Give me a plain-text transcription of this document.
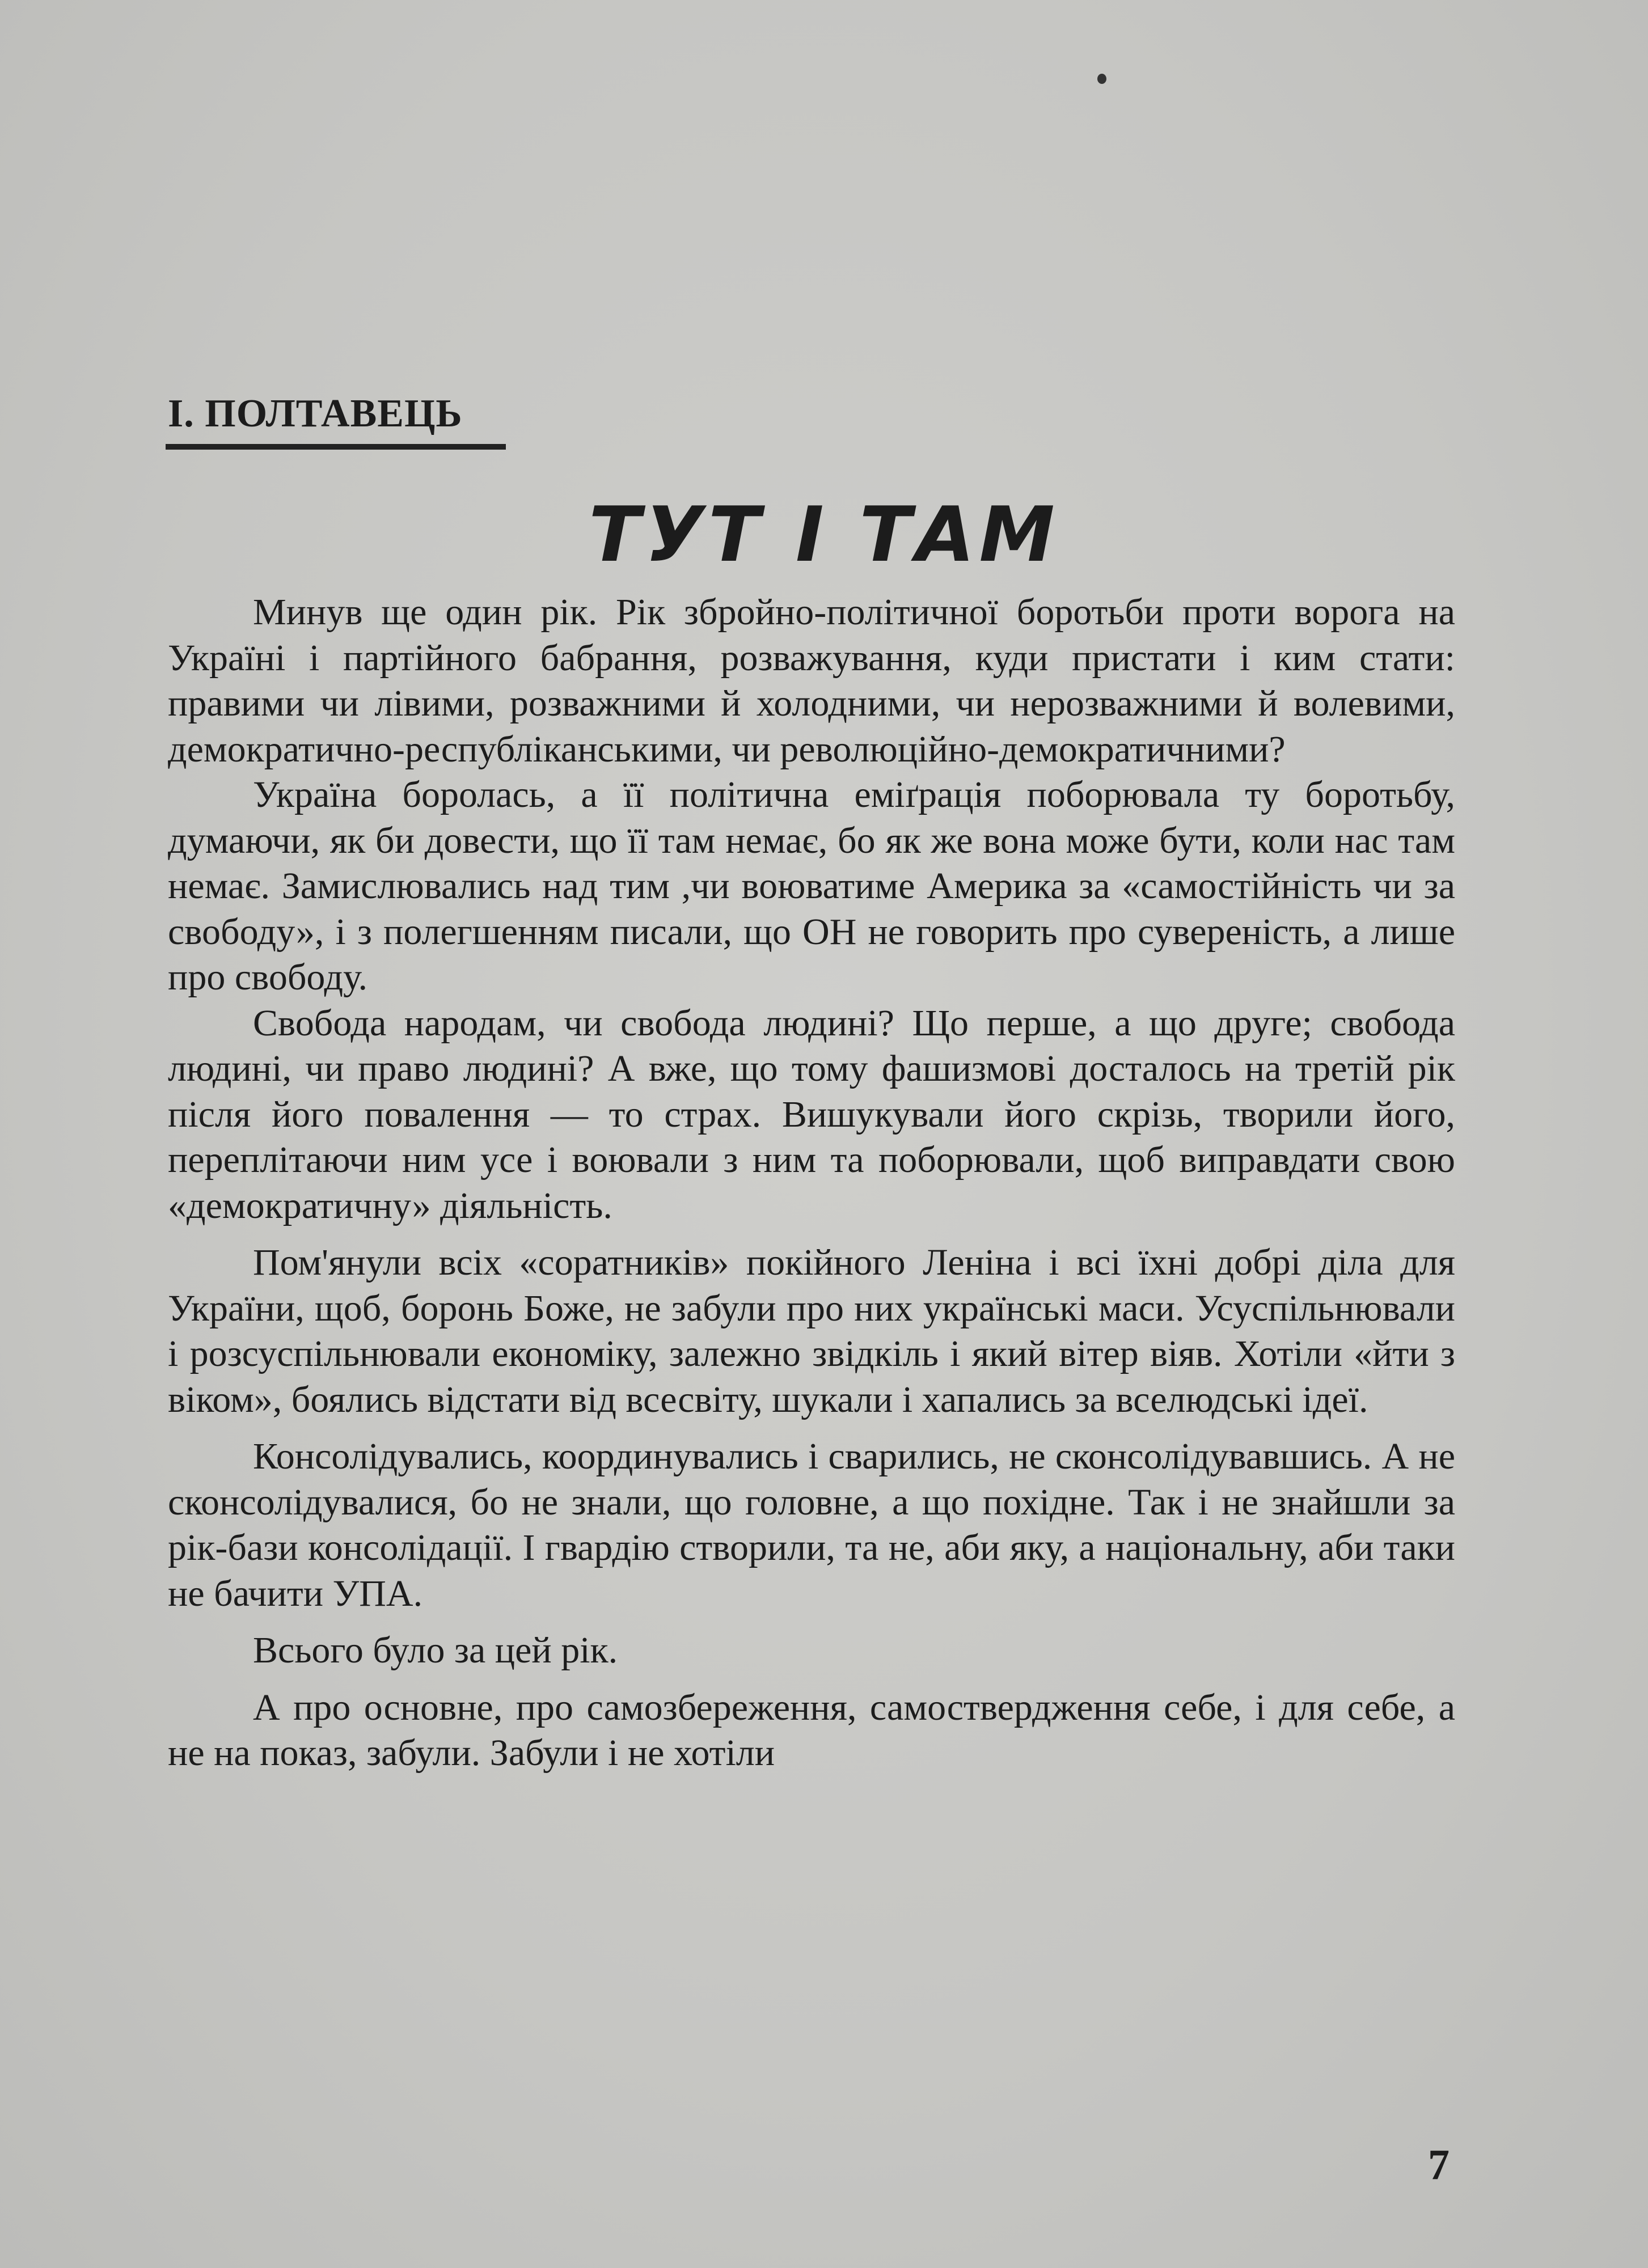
І. ПОЛТАВЕЦЬ
ТУТ І ТАМ

Минув ще один рік. Рік збройно-політичної боротьби проти ворога на Україні і партійного бабрання, розважування, куди пристати і ким стати: правими чи лівими, розважними й холодними, чи нерозважними й волевими, демократично-республіканськими, чи революційно-демократичними?

Україна боролась, а її політична еміґрація поборювала ту боротьбу, думаючи, як би довести, що її там немає, бо як же вона може бути, коли нас там немає. Замислювались над тим ,чи воюватиме Америка за «самостійність чи за свободу», і з полегшенням писали, що ОН не говорить про сувереність, а лише про свободу.

Свобода народам, чи свобода людині? Що перше, а що друге; свобода людині, чи право людині? А вже, що тому фашизмові досталось на третій рік після його повалення — то страх. Вишукували його скрізь, творили його, переплітаючи ним усе і воювали з ним та поборювали, щоб виправдати свою «демократичну» діяльність.

Пом'янули всіх «соратників» покійного Леніна і всі їхні добрі діла для України, щоб, боронь Боже, не забули про них українські маси. Усуспільнювали і розсуспільнювали економіку, залежно звідкіль і який вітер віяв. Хотіли «йти з віком», боялись відстати від всесвіту, шукали і хапались за вселюдські ідеї.

Консолідувались, координувались і сварились, не сконсолідувавшись. А не сконсолідувалися, бо не знали, що головне, а що похідне. Так і не знайшли за рік-бази консолідації. І гвардію створили, та не, аби яку, а національну, аби таки не бачити УПА.

Всього було за цей рік.

А про основне, про самозбереження, самоствердження себе, і для себе, а не на показ, забули. Забули і не хотіли

7
